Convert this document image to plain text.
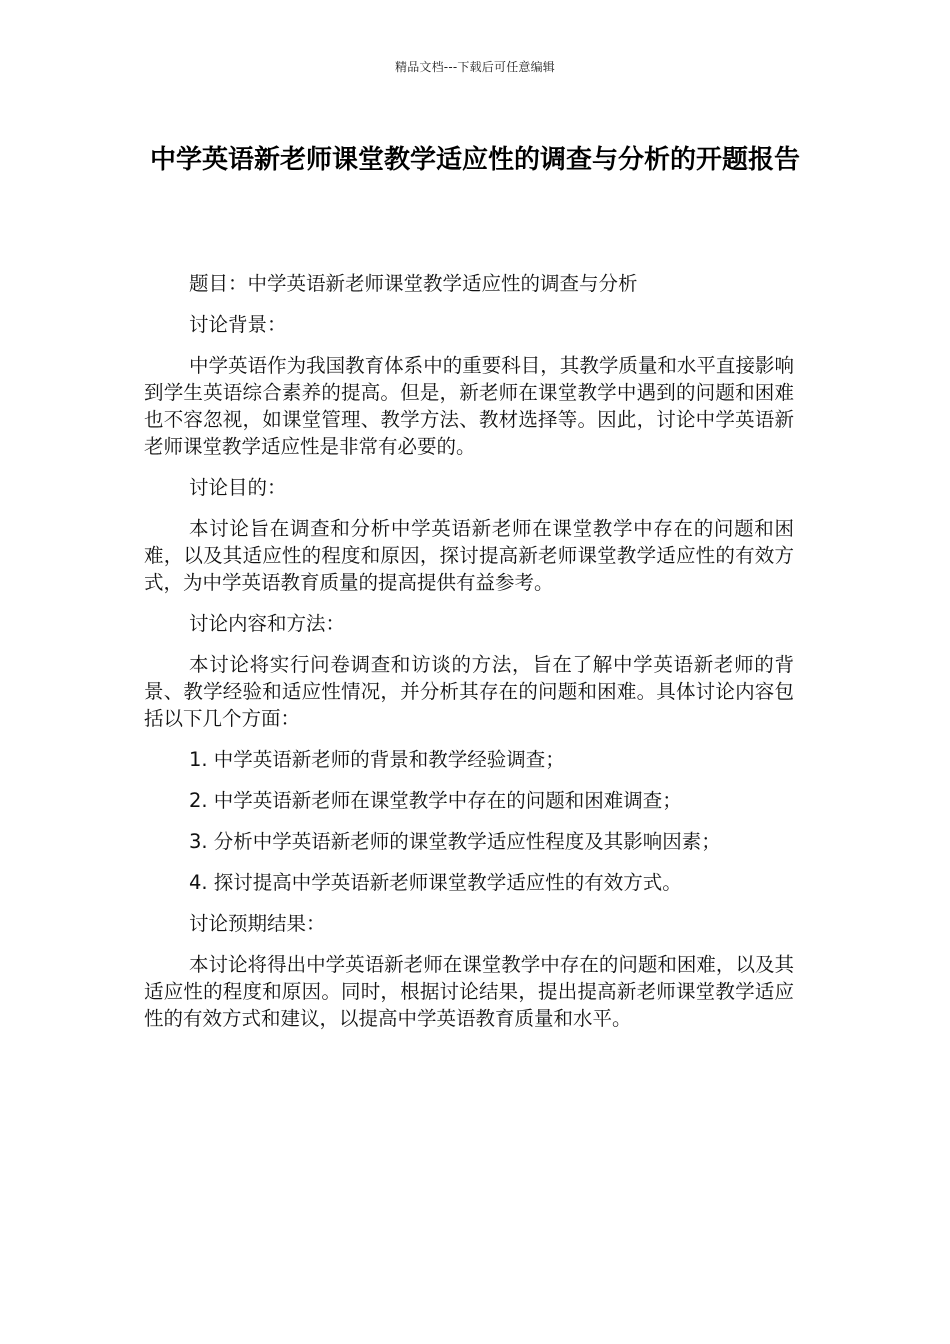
精品文档---下载后可任意编辑
中学英语新老师课堂教学适应性的调查与分析的开题报告

题目：中学英语新老师课堂教学适应性的调查与分析

讨论背景：

中学英语作为我国教育体系中的重要科目，其教学质量和水平直接影响到学生英语综合素养的提高。但是，新老师在课堂教学中遇到的问题和困难也不容忽视，如课堂管理、教学方法、教材选择等。因此，讨论中学英语新老师课堂教学适应性是非常有必要的。

讨论目的：

本讨论旨在调查和分析中学英语新老师在课堂教学中存在的问题和困难，以及其适应性的程度和原因，探讨提高新老师课堂教学适应性的有效方式，为中学英语教育质量的提高提供有益参考。

讨论内容和方法：

本讨论将实行问卷调查和访谈的方法，旨在了解中学英语新老师的背景、教学经验和适应性情况，并分析其存在的问题和困难。具体讨论内容包括以下几个方面：

1. 中学英语新老师的背景和教学经验调查；

2. 中学英语新老师在课堂教学中存在的问题和困难调查；

3. 分析中学英语新老师的课堂教学适应性程度及其影响因素；

4. 探讨提高中学英语新老师课堂教学适应性的有效方式。

讨论预期结果：

本讨论将得出中学英语新老师在课堂教学中存在的问题和困难，以及其适应性的程度和原因。同时，根据讨论结果，提出提高新老师课堂教学适应性的有效方式和建议，以提高中学英语教育质量和水平。
